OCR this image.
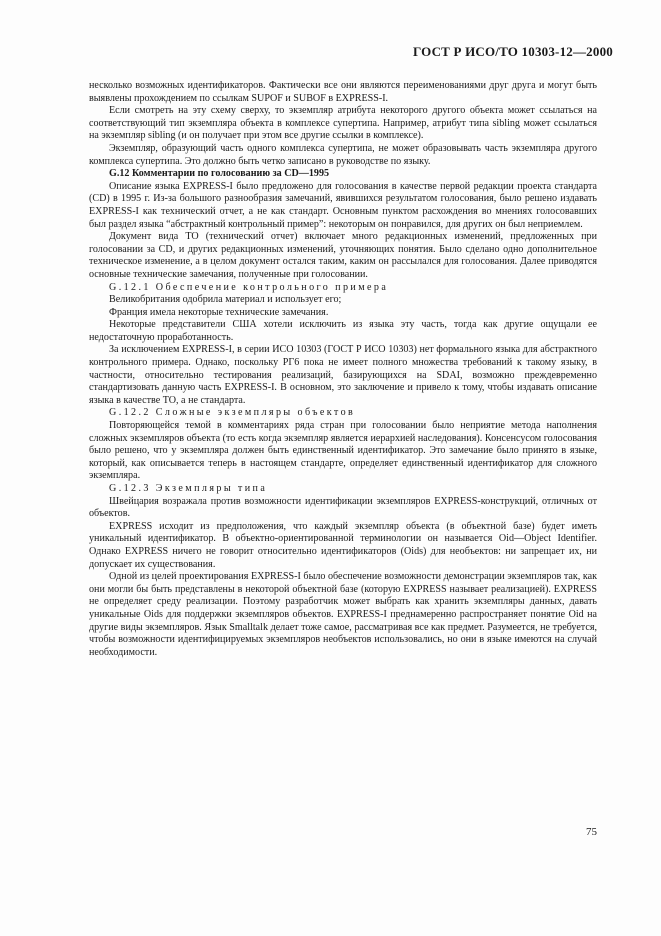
ГОСТ Р ИСО/ТО 10303-12—2000

несколько возможных идентификаторов. Фактически все они являются переименованиями друг друга и могут быть выявлены прохождением по ссылкам SUPOF и SUBOF в EXPRESS-I.

Если смотреть на эту схему сверху, то экземпляр атрибута некоторого другого объекта может ссылаться на соответствующий тип экземпляра объекта в комплексе супертипа. Например, атрибут типа sibling может ссылаться на экземпляр sibling (и он получает при этом все другие ссылки в комплексе).

Экземпляр, образующий часть одного комплекса супертипа, не может образовывать часть экземпляра другого комплекса супертипа. Это должно быть четко записано в руководстве по языку.

G.12 Комментарии по голосованию за CD—1995

Описание языка EXPRESS-I было предложено для голосования в качестве первой редакции проекта стандарта (CD) в 1995 г. Из-за большого разнообразия замечаний, явившихся результатом голосования, было решено издавать EXPRESS-I как технический отчет, а не как стандарт. Основным пунктом расхождения во мнениях голосовавших был раздел языка “абстрактный контрольный пример”: некоторым он понравился, для других он был неприемлем.

Документ вида ТО (технический отчет) включает много редакционных изменений, предложенных при голосовании за CD, и других редакционных изменений, уточняющих понятия. Было сделано одно дополнительное техническое изменение, а в целом документ остался таким, каким он рассылался для голосования. Далее приводятся основные технические замечания, полученные при голосовании.

G.12.1 Обеспечение контрольного примера

Великобритания одобрила материал и использует его;

Франция имела некоторые технические замечания.

Некоторые представители США хотели исключить из языка эту часть, тогда как другие ощущали ее недостаточную проработанность.

За исключением EXPRESS-I, в серии ИСО 10303 (ГОСТ Р ИСО 10303) нет формального языка для абстрактного контрольного примера. Однако, поскольку РГ6 пока не имеет полного множества требований к такому языку, в частности, относительно тестирования реализаций, базирующихся на SDAI, возможно преждевременно стандартизовать данную часть EXPRESS-I. В основном, это заключение и привело к тому, чтобы издавать описание языка в качестве ТО, а не стандарта.

G.12.2 Сложные экземпляры объектов

Повторяющейся темой в комментариях ряда стран при голосовании было неприятие метода наполнения сложных экземпляров объекта (то есть когда экземпляр является иерархией наследования). Консенсусом голосования было решено, что у экземпляра должен быть единственный идентификатор. Это замечание было принято в языке, который, как описывается теперь в настоящем стандарте, определяет единственный идентификатор для сложного экземпляра.

G.12.3 Экземпляры типа

Швейцария возражала против возможности идентификации экземпляров EXPRESS-конструкций, отличных от объектов.

EXPRESS исходит из предположения, что каждый экземпляр объекта (в объектной базе) будет иметь уникальный идентификатор. В объектно-ориентированной терминологии он называется Oid—Object Identifier. Однако EXPRESS ничего не говорит относительно идентификаторов (Oids) для необъектов: ни запрещает их, ни допускает их существования.

Одной из целей проектирования EXPRESS-I было обеспечение возможности демонстрации экземпляров так, как они могли бы быть представлены в некоторой объектной базе (которую EXPRESS называет реализацией). EXPRESS не определяет среду реализации. Поэтому разработчик может выбрать как хранить экземпляры данных, давать уникальные Oids для поддержки экземпляров объектов. EXPRESS-I преднамеренно распространяет понятие Oid на другие виды экземпляров. Язык Smalltalk делает тоже самое, рассматривая все как предмет. Разумеется, не требуется, чтобы возможности идентифицируемых экземпляров необъектов использовались, но они в языке имеются на случай необходимости.

75
